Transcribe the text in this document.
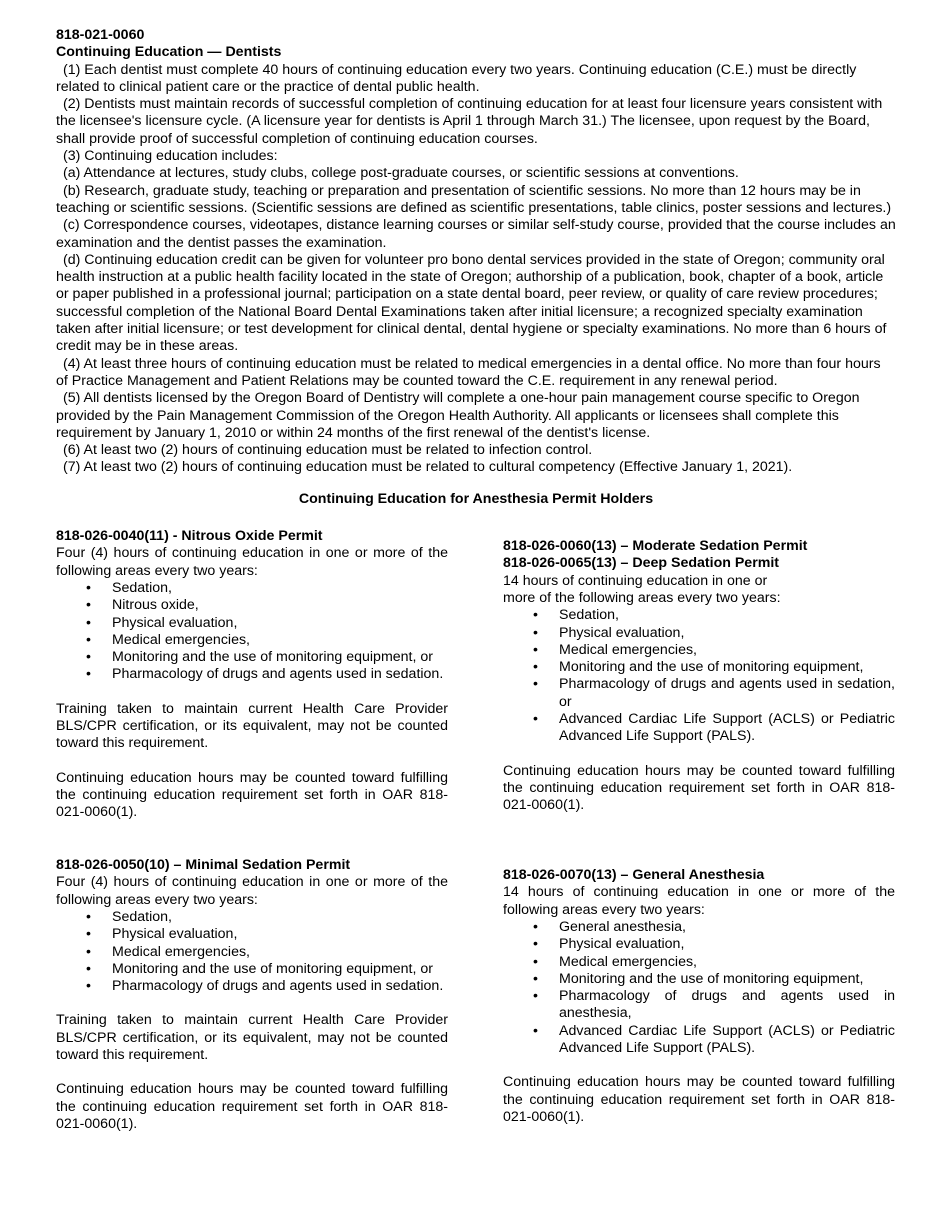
818-021-0060

Continuing Education — Dentists

(1) Each dentist must complete 40 hours of continuing education every two years. Continuing education (C.E.) must be directly related to clinical patient care or the practice of dental public health.

(2) Dentists must maintain records of successful completion of continuing education for at least four licensure years consistent with the licensee's licensure cycle. (A licensure year for dentists is April 1 through March 31.) The licensee, upon request by the Board, shall provide proof of successful completion of continuing education courses.

(3) Continuing education includes:

(a) Attendance at lectures, study clubs, college post-graduate courses, or scientific sessions at conventions.

(b) Research, graduate study, teaching or preparation and presentation of scientific sessions. No more than 12 hours may be in teaching or scientific sessions. (Scientific sessions are defined as scientific presentations, table clinics, poster sessions and lectures.)

(c) Correspondence courses, videotapes, distance learning courses or similar self-study course, provided that the course includes an examination and the dentist passes the examination.

(d) Continuing education credit can be given for volunteer pro bono dental services provided in the state of Oregon; community oral health instruction at a public health facility located in the state of Oregon; authorship of a publication, book, chapter of a book, article or paper published in a professional journal; participation on a state dental board, peer review, or quality of care review procedures; successful completion of the National Board Dental Examinations taken after initial licensure; a recognized specialty examination taken after initial licensure; or test development for clinical dental, dental hygiene or specialty examinations. No more than 6 hours of credit may be in these areas.

(4) At least three hours of continuing education must be related to medical emergencies in a dental office. No more than four hours of Practice Management and Patient Relations may be counted toward the C.E. requirement in any renewal period.

(5) All dentists licensed by the Oregon Board of Dentistry will complete a one-hour pain management course specific to Oregon provided by the Pain Management Commission of the Oregon Health Authority. All applicants or licensees shall complete this requirement by January 1, 2010 or within 24 months of the first renewal of the dentist's license.

(6) At least two (2) hours of continuing education must be related to infection control.

(7) At least two (2) hours of continuing education must be related to cultural competency (Effective January 1, 2021).

Continuing Education for Anesthesia Permit Holders

818-026-0040(11) - Nitrous Oxide Permit

Four (4) hours of continuing education in one or more of the following areas every two years:

• Sedation,
• Nitrous oxide,
• Physical evaluation,
• Medical emergencies,
• Monitoring and the use of monitoring equipment, or
• Pharmacology of drugs and agents used in sedation.

Training taken to maintain current Health Care Provider BLS/CPR certification, or its equivalent, may not be counted toward this requirement.

Continuing education hours may be counted toward fulfilling the continuing education requirement set forth in OAR 818-021-0060(1).

818-026-0050(10) – Minimal Sedation Permit

Four (4) hours of continuing education in one or more of the following areas every two years:

• Sedation,
• Physical evaluation,
• Medical emergencies,
• Monitoring and the use of monitoring equipment, or
• Pharmacology of drugs and agents used in sedation.

Training taken to maintain current Health Care Provider BLS/CPR certification, or its equivalent, may not be counted toward this requirement.

Continuing education hours may be counted toward fulfilling the continuing education requirement set forth in OAR 818-021-0060(1).

818-026-0060(13) – Moderate Sedation Permit

818-026-0065(13) – Deep Sedation Permit

14 hours of continuing education in one or

more of the following areas every two years:

• Sedation,
• Physical evaluation,
• Medical emergencies,
• Monitoring and the use of monitoring equipment,
• Pharmacology of drugs and agents used in sedation, or
• Advanced Cardiac Life Support (ACLS) or Pediatric Advanced Life Support (PALS).

Continuing education hours may be counted toward fulfilling the continuing education requirement set forth in OAR 818-021-0060(1).

818-026-0070(13) – General Anesthesia

14 hours of continuing education in one or more of the following areas every two years:

• General anesthesia,
• Physical evaluation,
• Medical emergencies,
• Monitoring and the use of monitoring equipment,
• Pharmacology of drugs and agents used in anesthesia,
• Advanced Cardiac Life Support (ACLS) or Pediatric Advanced Life Support (PALS).

Continuing education hours may be counted toward fulfilling the continuing education requirement set forth in OAR 818-021-0060(1).
